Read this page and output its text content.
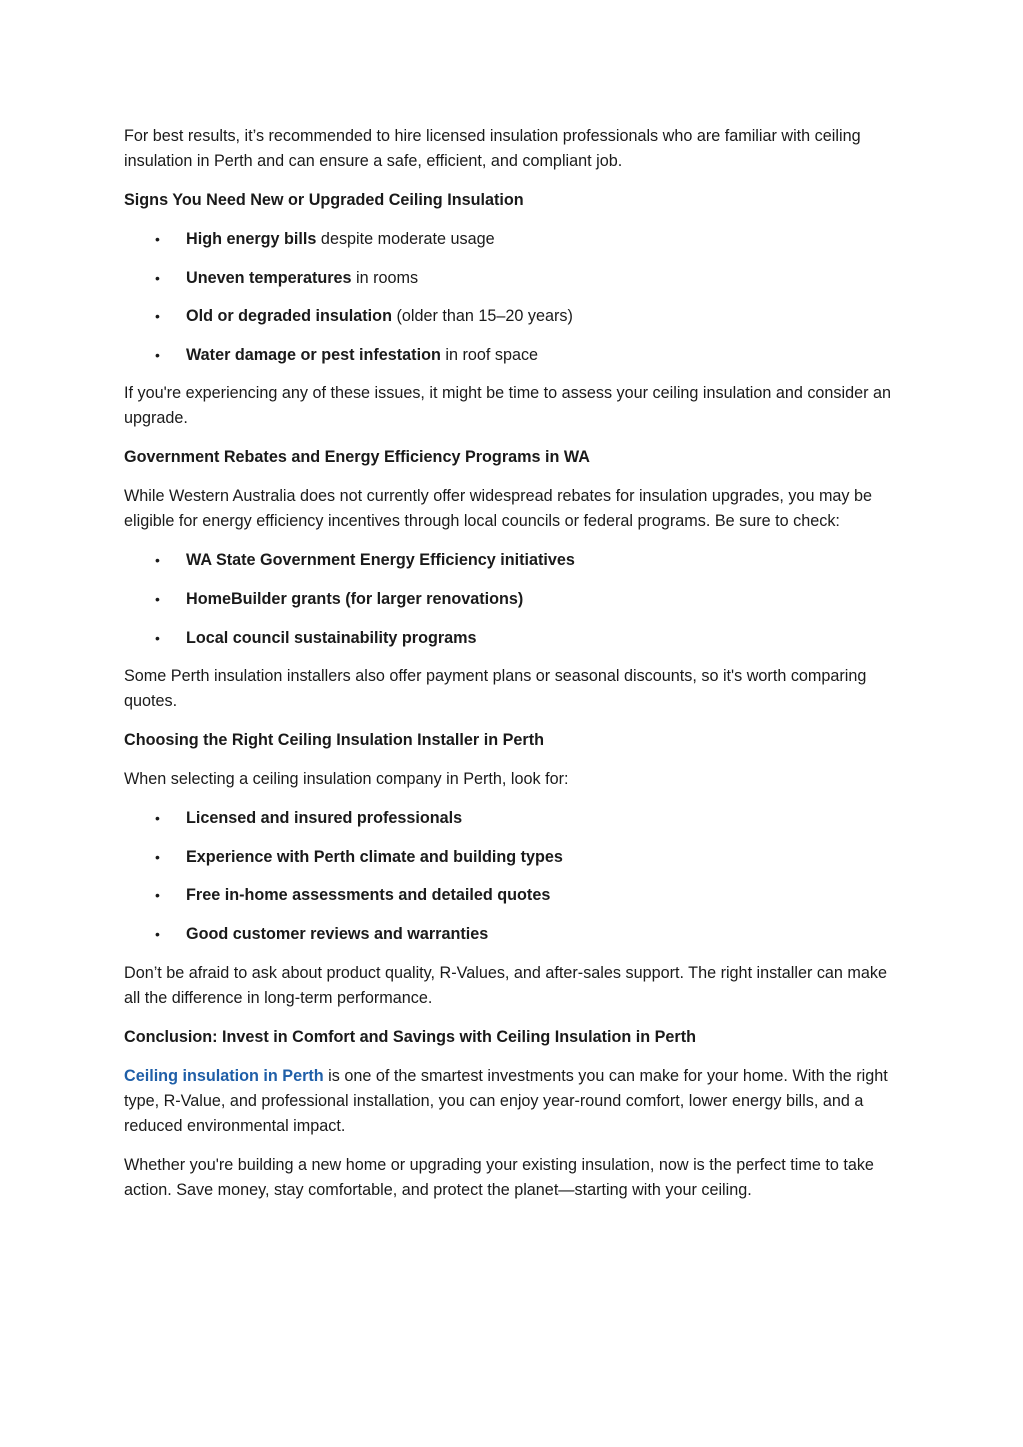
For best results, it’s recommended to hire licensed insulation professionals who are familiar with ceiling insulation in Perth and can ensure a safe, efficient, and compliant job.

Signs You Need New or Upgraded Ceiling Insulation
• High energy bills despite moderate usage
• Uneven temperatures in rooms
• Old or degraded insulation (older than 15–20 years)
• Water damage or pest infestation in roof space

If you're experiencing any of these issues, it might be time to assess your ceiling insulation and consider an upgrade.

Government Rebates and Energy Efficiency Programs in WA

While Western Australia does not currently offer widespread rebates for insulation upgrades, you may be eligible for energy efficiency incentives through local councils or federal programs. Be sure to check:

• WA State Government Energy Efficiency initiatives
• HomeBuilder grants (for larger renovations)
• Local council sustainability programs

Some Perth insulation installers also offer payment plans or seasonal discounts, so it's worth comparing quotes.

Choosing the Right Ceiling Insulation Installer in Perth

When selecting a ceiling insulation company in Perth, look for:

• Licensed and insured professionals
• Experience with Perth climate and building types
• Free in-home assessments and detailed quotes
• Good customer reviews and warranties

Don’t be afraid to ask about product quality, R-Values, and after-sales support. The right installer can make all the difference in long-term performance.

Conclusion: Invest in Comfort and Savings with Ceiling Insulation in Perth

Ceiling insulation in Perth is one of the smartest investments you can make for your home. With the right type, R-Value, and professional installation, you can enjoy year-round comfort, lower energy bills, and a reduced environmental impact.

Whether you're building a new home or upgrading your existing insulation, now is the perfect time to take action. Save money, stay comfortable, and protect the planet—starting with your ceiling.
